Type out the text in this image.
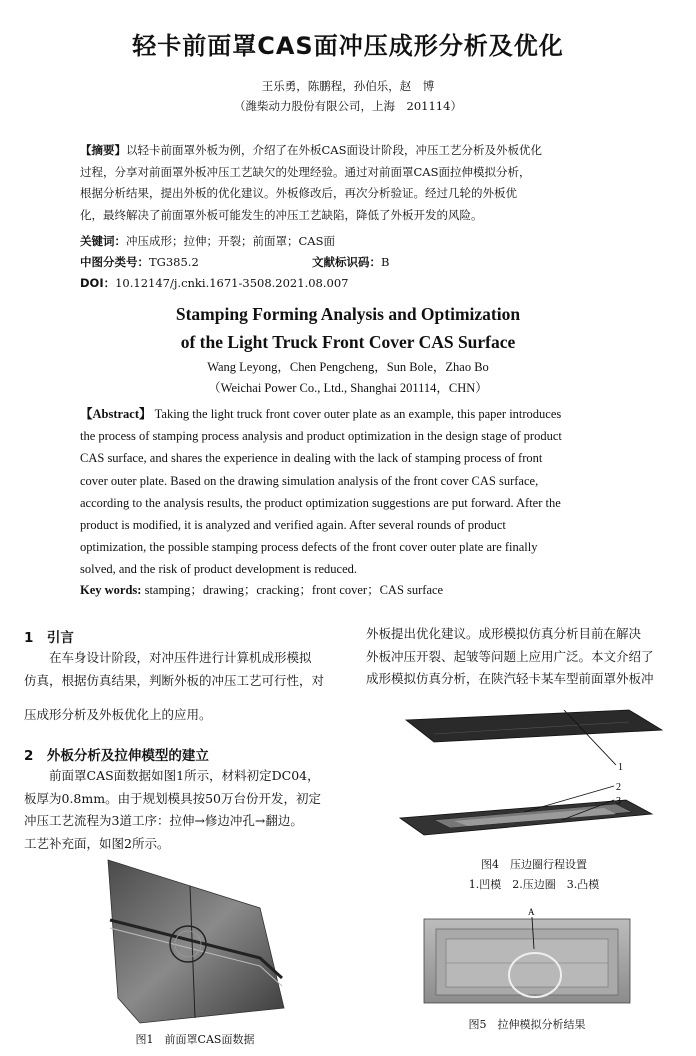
轻卡前面罩CAS面冲压成形分析及优化
王乐勇，陈鹏程，孙伯乐，赵　博
（潍柴动力股份有限公司，上海　201114）
【摘要】以轻卡前面罩外板为例，介绍了在外板CAS面设计阶段，冲压工艺分析及外板优化
过程，分享对前面罩外板冲压工艺缺欠的处理经验。通过对前面罩CAS面拉伸模拟分析，
根据分析结果，提出外板的优化建议。外板修改后，再次分析验证。经过几轮的外板优
化，最终解决了前面罩外板可能发生的冲压工艺缺陷，降低了外板开发的风险。
关键词：冲压成形；拉伸；开裂；前面罩；CAS面
中图分类号：TG385.2	文献标识码：B
DOI：10.12147/j.cnki.1671-3508.2021.08.007
Stamping Forming Analysis and Optimization
of the Light Truck Front Cover CAS Surface
Wang Leyong，Chen Pengcheng，Sun Bole，Zhao Bo
（Weichai Power Co., Ltd., Shanghai 201114，CHN）
【Abstract】 Taking the light truck front cover outer plate as an example, this paper introduces
the process of stamping process analysis and product optimization in the design stage of product
CAS surface, and shares the experience in dealing with the lack of stamping process of front
cover outer plate. Based on the drawing simulation analysis of the front cover CAS surface,
according to the analysis results, the product optimization suggestions are put forward. After the
product is modified, it is analyzed and verified again. After several rounds of product
optimization, the possible stamping process defects of the front cover outer plate are finally
solved, and the risk of product development is reduced.
Key words: stamping；drawing；cracking；front cover；CAS surface
1　引言
在车身设计阶段，对冲压件进行计算机成形模拟
仿真，根据仿真结果，判断外板的冲压工艺可行性，对
压成形分析及外板优化上的应用。
2　外板分析及拉伸模型的建立
前面罩CAS面数据如图1所示，材料初定DC04，
板厚为0.8mm。由于规划模具按50万台份开发，初定
冲压工艺流程为3道工序：拉伸→修边冲孔→翻边。
工艺补充面，如图2所示。
图1　前面罩CAS面数据
外板提出优化建议。成形模拟仿真分析目前在解决
外板冲压开裂、起皱等问题上应用广泛。本文介绍了
成形模拟仿真分析，在陕汽轻卡某车型前面罩外板冲
1
2
3
图4　压边圈行程设置
1.凹模　2.压边圈　3.凸模
A
图5　拉伸模拟分析结果
